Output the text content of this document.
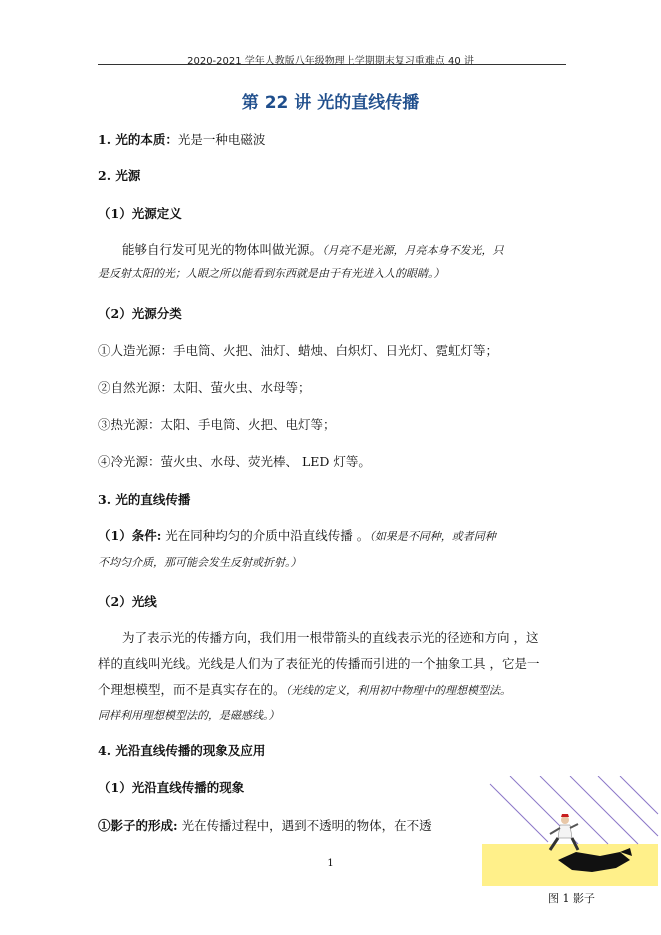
2020-2021 学年人教版八年级物理上学期期末复习重难点 40 讲
第 22 讲 光的直线传播
1. 光的本质：光是一种电磁波
2. 光源
（1）光源定义
能够自行发可见光的物体叫做光源。（月亮不是光源，月亮本身不发光，只
是反射太阳的光；人眼之所以能看到东西就是由于有光进入人的眼睛。）
（2）光源分类
①人造光源：手电筒、火把、油灯、蜡烛、白炽灯、日光灯、霓虹灯等；
②自然光源：太阳、萤火虫、水母等；
③热光源：太阳、手电筒、火把、电灯等；
④冷光源：萤火虫、水母、荧光棒、 LED 灯等。
3. 光的直线传播
（1）条件: 光在同种均匀的介质中沿直线传播 。（如果是不同种，或者同种
不均匀介质，那可能会发生反射或折射。）
（2）光线
为了表示光的传播方向，我们用一根带箭头的直线表示光的径迹和方向 ，这
样的直线叫光线。光线是人们为了表征光的传播而引进的一个抽象工具 ，它是一
个理想模型，而不是真实存在的。（光线的定义，利用初中物理中的理想模型法。
同样利用理想模型法的，是磁感线。）
4. 光沿直线传播的现象及应用
（1）光沿直线传播的现象
①影子的形成: 光在传播过程中，遇到不透明的物体，在不透
1
图 1 影子
